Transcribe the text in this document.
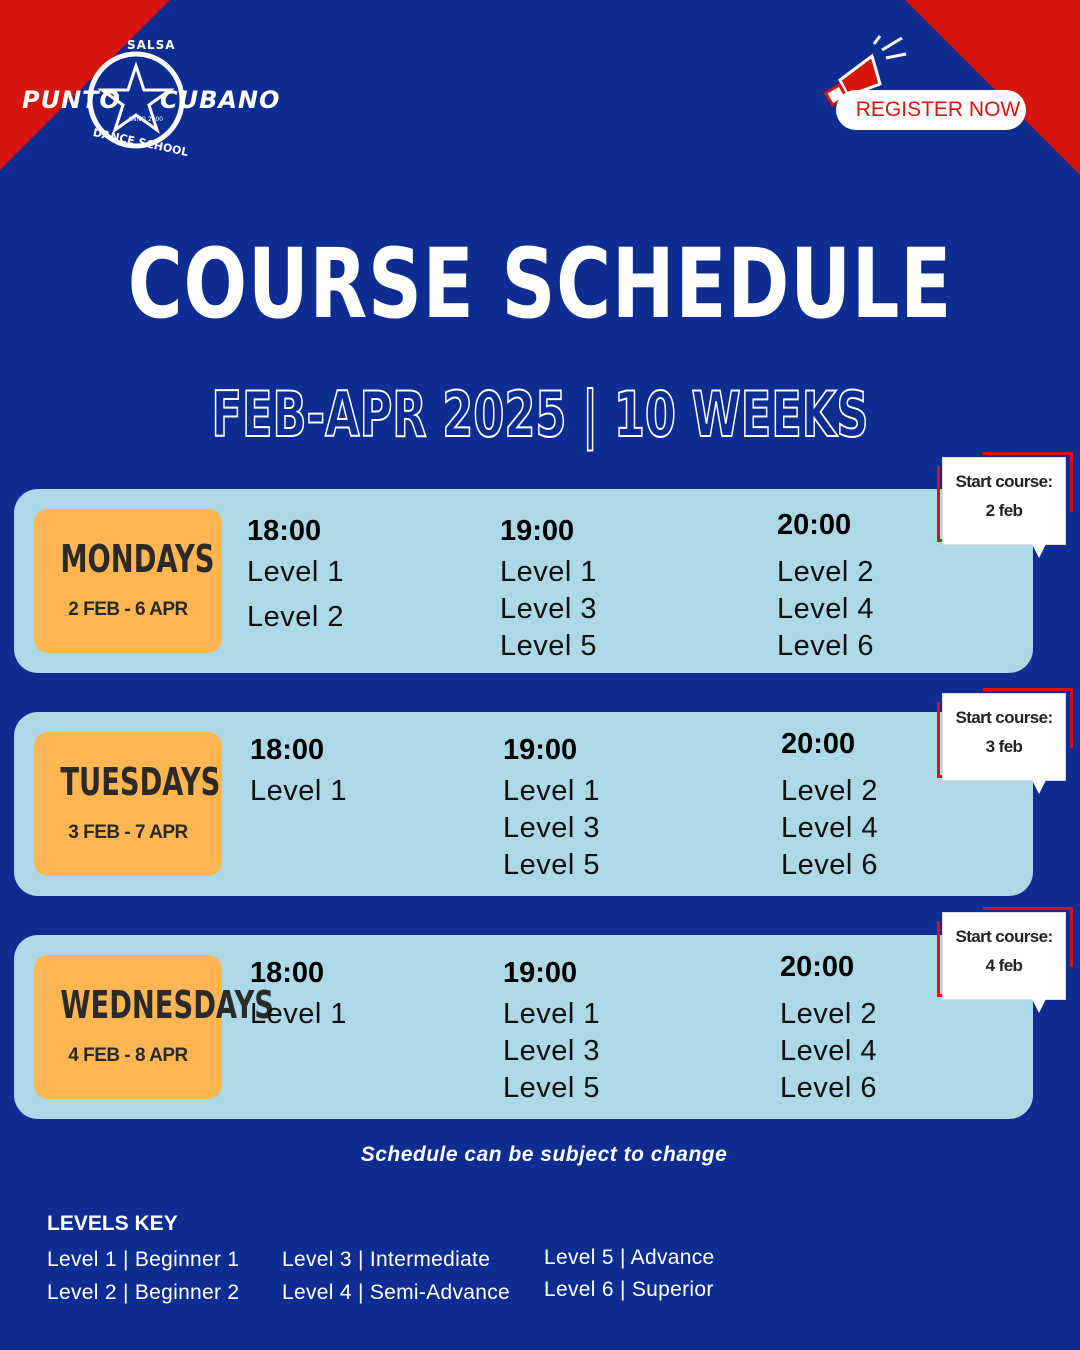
SALSA
PUNTO CUBANO
ANNO 2000
DANCE SCHOOL
REGISTER NOW
COURSE SCHEDULE
FEB-APR 2025 | 10 WEEKS
MONDAYS
2 FEB - 6 APR
18:00
Level 1
Level 2
19:00
Level 1
Level 3
Level 5
20:00
Level 2
Level 4
Level 6
TUESDAYS
3 FEB - 7 APR
18:00
Level 1
19:00
Level 1
Level 3
Level 5
20:00
Level 2
Level 4
Level 6
WEDNESDAYS
4 FEB - 8 APR
18:00
Level 1
19:00
Level 1
Level 3
Level 5
20:00
Level 2
Level 4
Level 6
Start course:
2 feb
Start course:
3 feb
Start course:
4 feb
Schedule can be subject to change
LEVELS KEY
Level 1 | Beginner 1
Level 2 | Beginner 2
Level 3 | Intermediate
Level 4 | Semi-Advance
Level 5 | Advance
Level 6 | Superior
